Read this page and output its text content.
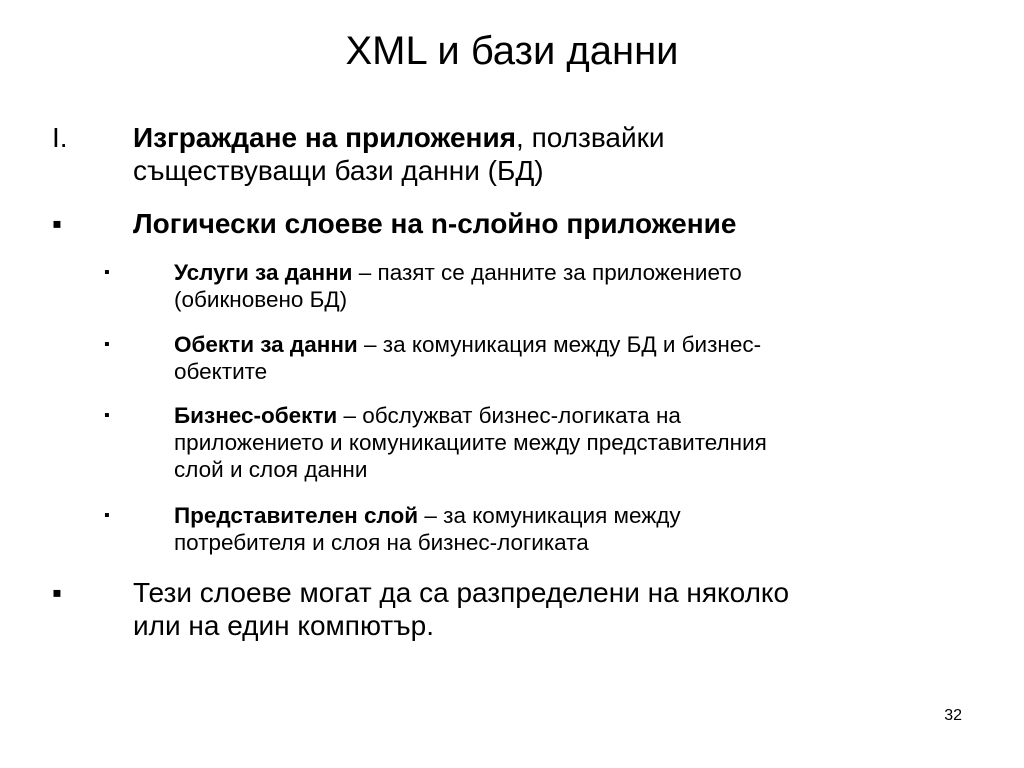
XML и бази данни
I. Изграждане на приложения, ползвайки
съществуващи бази данни (БД)
▪	Логически слоеве на n-слойно приложение
▪	Услуги за данни – пазят се данните за приложението
(обикновено БД)
▪	Обекти за данни – за комуникация между БД и бизнес-
обектите
▪	Бизнес-обекти – обслужват бизнес-логиката на
приложението и комуникациите между представителния
слой и слоя данни
▪	Представителен слой – за комуникация между
потребителя и слоя на бизнес-логиката
▪	Тези слоеве могат да са разпределени на няколко
или на един компютър.
32
